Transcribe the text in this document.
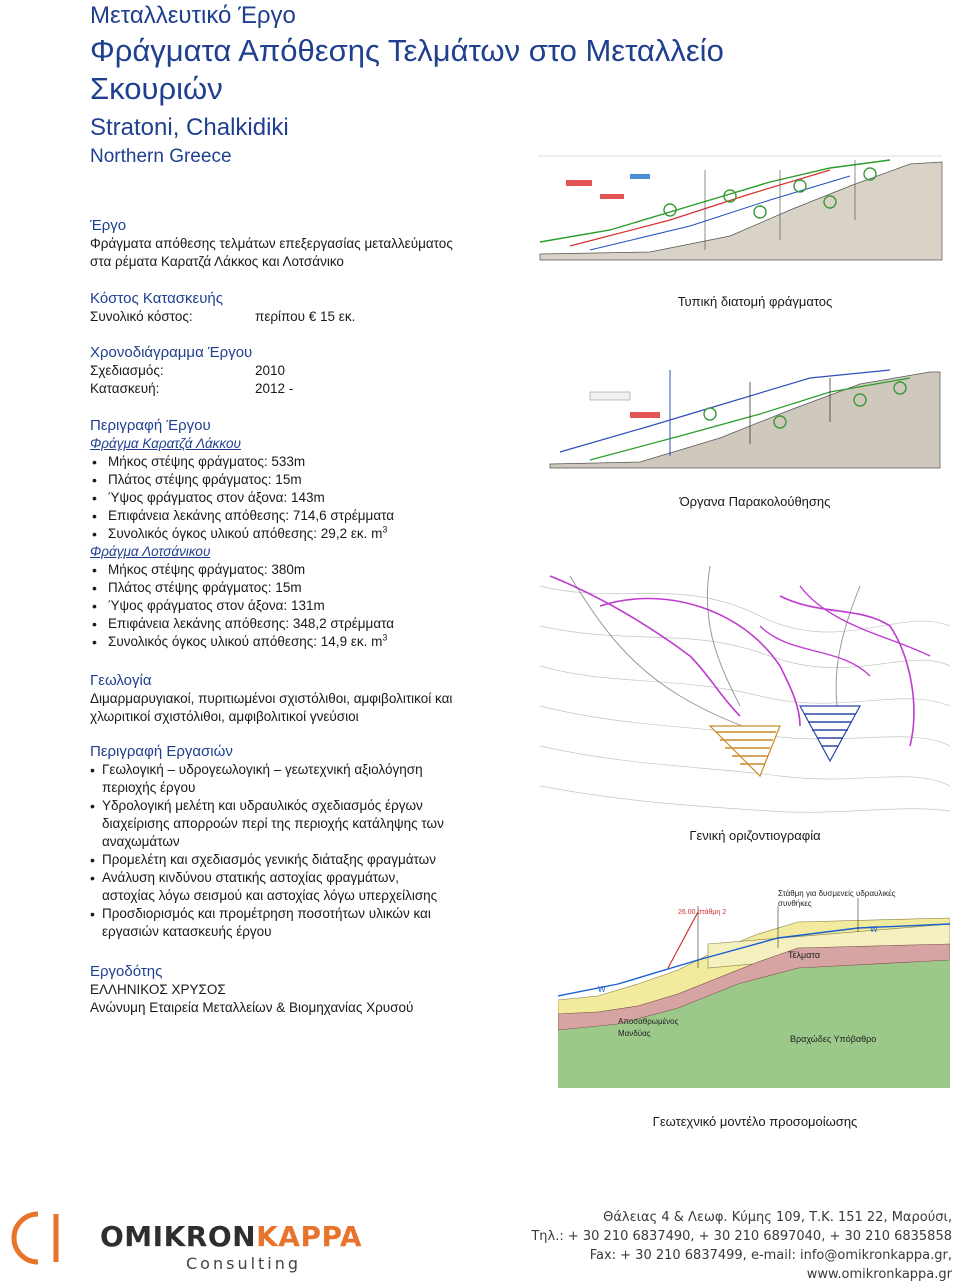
Μεταλλευτικό Έργο
Φράγματα Απόθεσης Τελμάτων στο Μεταλλείο
Σκουριών
Stratoni, Chalkidiki
Northern Greece
Έργο
Φράγματα απόθεσης τελμάτων επεξεργασίας μεταλλεύματος
στα ρέματα Καρατζά Λάκκος και Λοτσάνικο
Κόστος Κατασκευής
Συνολικό κόστος:	περίπου € 15 εκ.
Χρονοδιάγραμμα Έργου
Σχεδιασμός:	2010
Κατασκευή:	2012 -
Περιγραφή Έργου
Φράγμα Καρατζά Λάκκου
• Μήκος στέψης φράγματος: 533m
• Πλάτος στέψης φράγματος: 15m
• Ύψος φράγματος στον άξονα: 143m
• Επιφάνεια λεκάνης απόθεσης: 714,6 στρέμματα
• Συνολικός όγκος υλικού απόθεσης: 29,2 εκ. $m^3$
Φράγμα Λοτσάνικου
• Μήκος στέψης φράγματος: 380m
• Πλάτος στέψης φράγματος: 15m
• Ύψος φράγματος στον άξονα: 131m
• Επιφάνεια λεκάνης απόθεσης: 348,2 στρέμματα
• Συνολικός όγκος υλικού απόθεσης: 14,9 εκ. $m^3$
Γεωλογία
Διμαρμαρυγιακοί, πυριτιωμένοι σχιστόλιθοι, αμφιβολιτικοί και
χλωριτικοί σχιστόλιθοι, αμφιβολιτικοί γνεύσιοι
Περιγραφή Εργασιών
• Γεωλογική – υδρογεωλογική – γεωτεχνική αξιολόγηση
περιοχής έργου
• Υδρολογική μελέτη και υδραυλικός σχεδιασμός έργων
διαχείρισης απορροών περί της περιοχής κατάληψης των
αναχωμάτων
• Προμελέτη και σχεδιασμός γενικής διάταξης φραγμάτων
• Ανάλυση κινδύνου στατικής αστοχίας φραγμάτων,
αστοχίας λόγω σεισμού και αστοχίας λόγω υπερχείλισης
• Προσδιορισμός και προμέτρηση ποσοτήτων υλικών και
εργασιών κατασκευής έργου
Εργοδότης
ΕΛΛΗΝΙΚΟΣ ΧΡΥΣΟΣ
Ανώνυμη Εταιρεία Μεταλλείων & Βιομηχανίας Χρυσού
Τυπική διατομή φράγματος
Όργανα Παρακολούθησης
Γενική οριζοντιογραφία
26.00 στάθμη 2
Στάθμη για δυσμενείς υδραυλικές
συνθήκες
W
W
Τέλματα
Αποσαθρωμένος
Μανδύας
Βραχώδες Υπόβαθρο
Γεωτεχνικό μοντέλο προσομοίωσης
OMIKRONKAPPA
Consulting
Θάλειας 4 & Λεωφ. Κύμης 109, Τ.Κ. 151 22, Μαρούσι,
Τηλ.: + 30 210 6837490, + 30 210 6897040, + 30 210 6835858
Fax: + 30 210 6837499, e-mail: info@omikronkappa.gr, www.omikronkappa.gr
